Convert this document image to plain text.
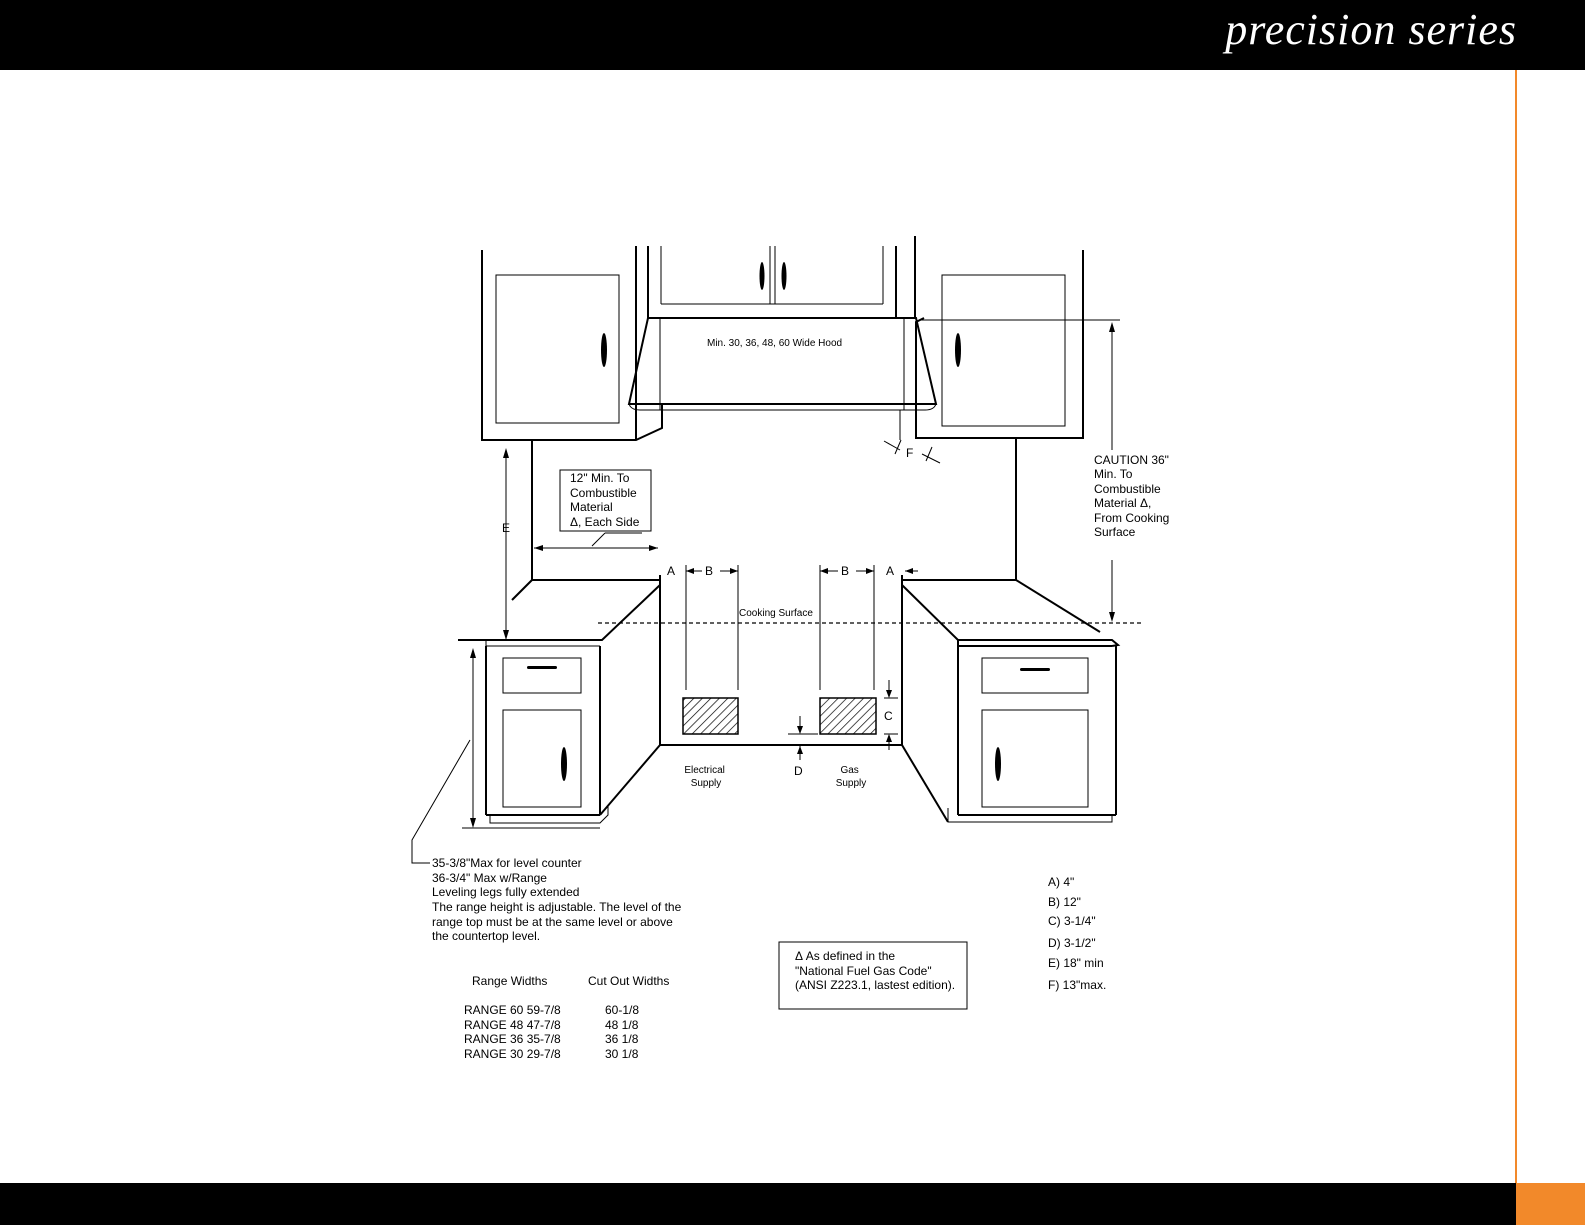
precision series
Min. 30, 36, 48, 60 Wide Hood
12" Min. To Combustible Material Δ, Each Side
CAUTION 36" Min. To Combustible Material Δ, From Cooking Surface
Cooking Surface
E
A B	B	A
C
D
F
Electrical Supply
Gas Supply
35-3/8"Max for level counter 36-3/4" Max w/Range Leveling legs fully extended The range height is adjustable. The level of the range top must be at the same level or above the countertop level.
Range Widths	Cut Out Widths
RANGE 60 59-7/8	60-1/8
RANGE 48 47-7/8	48 1/8
RANGE 36 35-7/8	36 1/8
RANGE 30 29-7/8	30 1/8
Δ As defined in the "National Fuel Gas Code" (ANSI Z223.1, lastest edition).
A) 4"
B) 12"
C) 3-1/4"
D) 3-1/2"
E) 18" min
F) 13"max.
